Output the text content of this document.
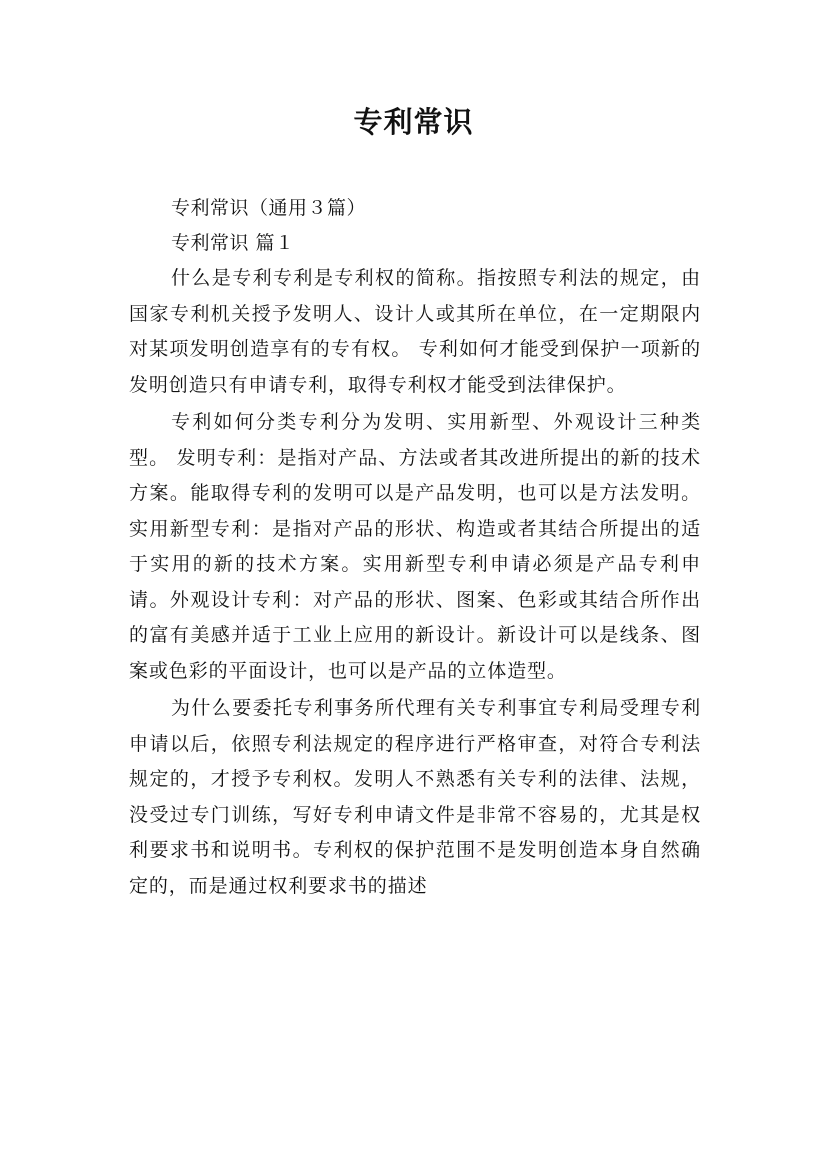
专利常识
专利常识（通用３篇）
专利常识 篇１

什么是专利专利是专利权的简称。指按照专利法的规定，由国家专利机关授予发明人、设计人或其所在单位，在一定期限内对某项发明创造享有的专有权。 专利如何才能受到保护一项新的发明创造只有申请专利，取得专利权才能受到法律保护。

专利如何分类专利分为发明、实用新型、外观设计三种类型。 发明专利：是指对产品、方法或者其改进所提出的新的技术方案。能取得专利的发明可以是产品发明，也可以是方法发明。实用新型专利：是指对产品的形状、构造或者其结合所提出的适于实用的新的技术方案。实用新型专利申请必须是产品专利申请。外观设计专利：对产品的形状、图案、色彩或其结合所作出的富有美感并适于工业上应用的新设计。新设计可以是线条、图案或色彩的平面设计，也可以是产品的立体造型。

为什么要委托专利事务所代理有关专利事宜专利局受理专利申请以后，依照专利法规定的程序进行严格审查，对符合专利法规定的，才授予专利权。发明人不熟悉有关专利的法律、法规，没受过专门训练，写好专利申请文件是非常不容易的，尤其是权利要求书和说明书。专利权的保护范围不是发明创造本身自然确定的，而是通过权利要求书的描述
